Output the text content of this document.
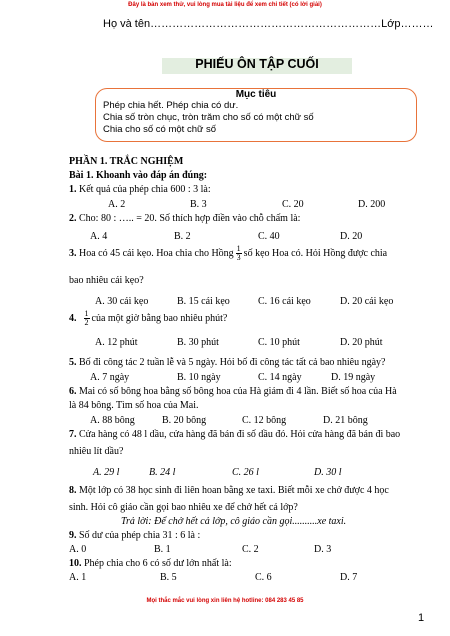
Đây là bản xem thử, vui lòng mua tài liệu để xem chi tiết (có lời giải)
Họ và tên………………………………………………………Lớp………
PHIẾU ÔN TẬP CUỐI
Mục tiêu
Phép chia hết. Phép chia có dư.
Chia số tròn chục, tròn trăm cho số có một chữ số
Chia cho số có một chữ số
PHẦN 1. TRẮC NGHIỆM
Bài 1. Khoanh vào đáp án đúng:
1. Kết quả của phép chia 600 : 3 là:
A. 2	B. 3	C. 20	D. 200
2. Cho: 80 : ….. = 20. Số thích hợp điền vào chỗ chấm là:
A. 4	B. 2	C. 40	D. 20
3. Hoa có 45 cái kẹo. Hoa chia cho Hồng $\frac{1}{3}$ số kẹo Hoa có. Hỏi Hồng được chia
bao nhiêu cái kẹo?
A. 30 cái kẹo	B. 15 cái kẹo	C. 16 cái kẹo	D. 20 cái kẹo
4. $\frac{1}{2}$ của một giờ bằng bao nhiêu phút?
A. 12 phút	B. 30 phút	C. 10 phút	D. 20 phút
5. Bố đi công tác 2 tuần lễ và 5 ngày. Hỏi bố đi công tác tất cả bao nhiêu ngày?
A. 7 ngày	B. 10 ngày	C. 14 ngày	D. 19 ngày
6. Mai có số bông hoa bằng số bông hoa của Hà giảm đi 4 lần. Biết số hoa của Hà
là 84 bông. Tìm số hoa của Mai.
A. 88 bông	B. 20 bông	C. 12 bông	D. 21 bông
7. Cửa hàng có 48 l dầu, cửa hàng đã bán đi số dầu đó. Hỏi cửa hàng đã bán đi bao
nhiêu lít dầu?
A. 29 l	B. 24 l	C. 26 l	D. 30 l
8. Một lớp có 38 học sinh đi liên hoan bằng xe taxi. Biết mỗi xe chở được 4 học
sinh. Hỏi cô giáo cần gọi bao nhiêu xe để chở hết cả lớp?
Trả lời: Để chở hết cả lớp, cô giáo cần gọi..........xe taxi.
9. Số dư của phép chia 31 : 6 là :
A. 0	B. 1	C. 2	D. 3
10. Phép chia cho 6 có số dư lớn nhất là:
A. 1	B. 5	C. 6	D. 7
Mọi thắc mắc vui lòng xin liên hệ hotline: 084 283 45 85
1
